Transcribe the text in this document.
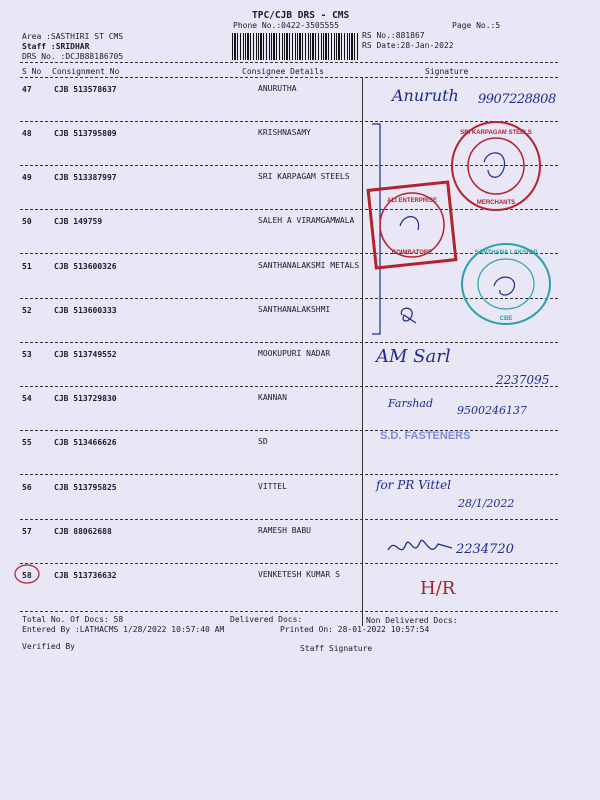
TPC/CJB DRS - CMS
Phone No.:0422-3505555	Page No.:5
Area :SASTHIRI ST CMS
Staff :SRIDHAR
DRS No. :DCJB88186705
RS No.:881867
RS Date:28-Jan-2022
S No Consignment No	Consignee Details	Signature
47	CJB 513578637	ANURUTHA
48	CJB 513795809	KRISHNASAMY
49	CJB 513387997	SRI KARPAGAM STEELS
50	CJB 149759	SALEH A VIRAMGAMWALA
51	CJB 513600326	SANTHANALAKSMI METALS
52	CJB 513600333	SANTHANALAKSHMI
53	CJB 513749552	MOOKUPURI NADAR
54	CJB 513729830	KANNAN
55	CJB 513466626	SD
56	CJB 513795825	VITTEL
57	CJB 88062688	RAMESH BABU
58	CJB 513736632	VENKETESH KUMAR S
Total No. Of Docs: 58	Delivered Docs:	Non Delivered Docs:
Entered By :LATHACMS 1/28/2022 10:57:40 AM	Printed On: 28-01-2022 10:57:54
Verified By	Staff Signature
Anuruth 9907228808
AM Sarl
2237095
Farshad
9500246137
S.D. FASTENERS
for PR Vittel
28/1/2022
2234720
H/R
SRI KARPAGAM STEELS
MERCHANTS
ALI ENTERPRISE
COIMBATORE	SANTHANA LAKSHMI
CBE
